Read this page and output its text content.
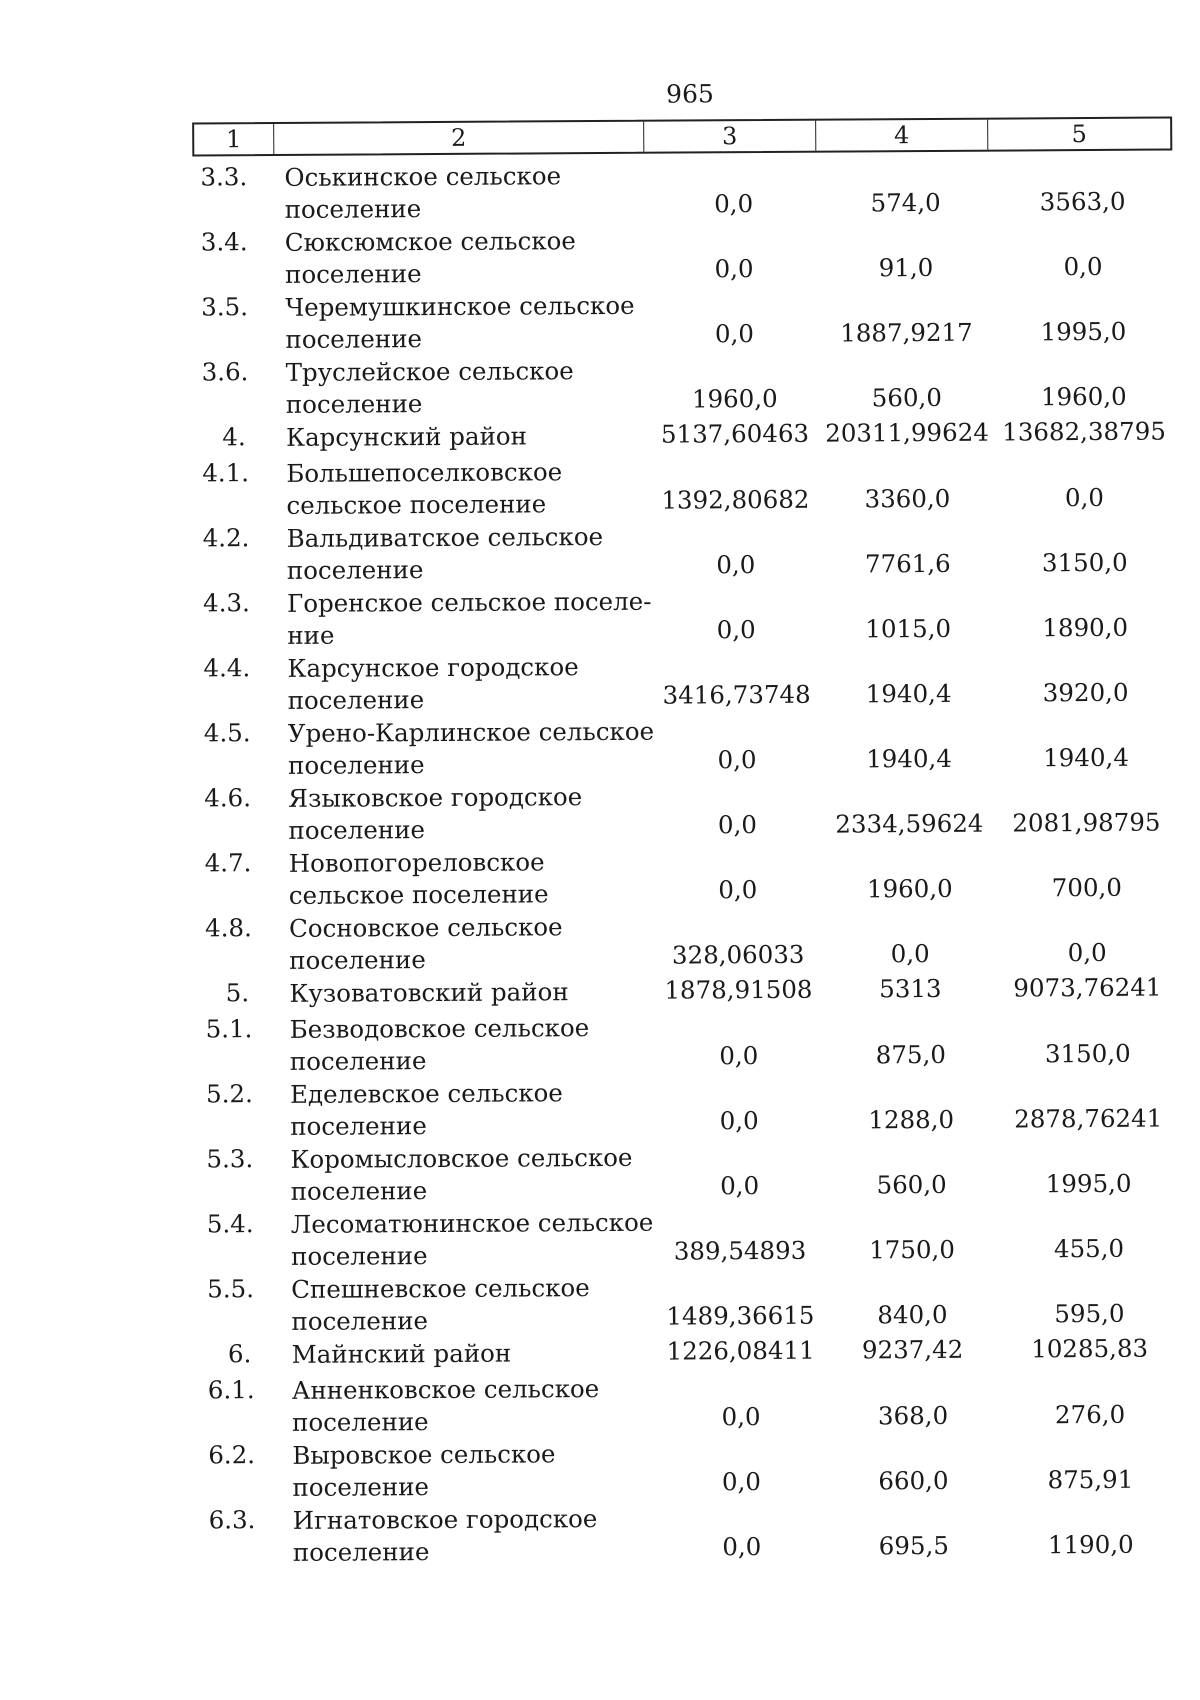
965
1	2	3	4	5
3.3.	Оськинское сельское
поселение	0,0	574,0	3563,0
3.4.	Сюксюмское сельское
поселение	0,0	91,0	0,0
3.5.	Черемушкинское сельское
поселение	0,0	1887,9217	1995,0
3.6.	Труслейское сельское
поселение	1960,0	560,0	1960,0
4.	Карсунский район	5137,60463 20311,99624 13682,38795
4.1.	Большепоселковское
сельское поселение	1392,80682	3360,0	0,0
4.2.	Вальдиватское сельское
поселение	0,0	7761,6	3150,0
4.3.	Горенское сельское поселе-
ние	0,0	1015,0	1890,0
4.4.	Карсунское городское
поселение	3416,73748	1940,4	3920,0
4.5.	Урено-Карлинское сельское
поселение	0,0	1940,4	1940,4
4.6.	Языковское городское
поселение	0,0	2334,59624	2081,98795
4.7.	Новопогореловское
сельское поселение	0,0	1960,0	700,0
4.8.	Сосновское сельское
поселение	328,06033	0,0	0,0
5.	Кузоватовский район	1878,91508	5313	9073,76241
5.1.	Безводовское сельское
поселение	0,0	875,0	3150,0
5.2.	Еделевское сельское
поселение	0,0	1288,0	2878,76241
5.3.	Коромысловское сельское
поселение	0,0	560,0	1995,0
5.4.	Лесоматюнинское сельское
поселение	389,54893	1750,0	455,0
5.5.	Спешневское сельское
поселение	1489,36615	840,0	595,0
6.	Майнский район	1226,08411	9237,42	10285,83
6.1.	Анненковское сельское
поселение	0,0	368,0	276,0
6.2.	Выровское сельское
поселение	0,0	660,0	875,91
6.3.	Игнатовское городское
поселение	0,0	695,5	1190,0
